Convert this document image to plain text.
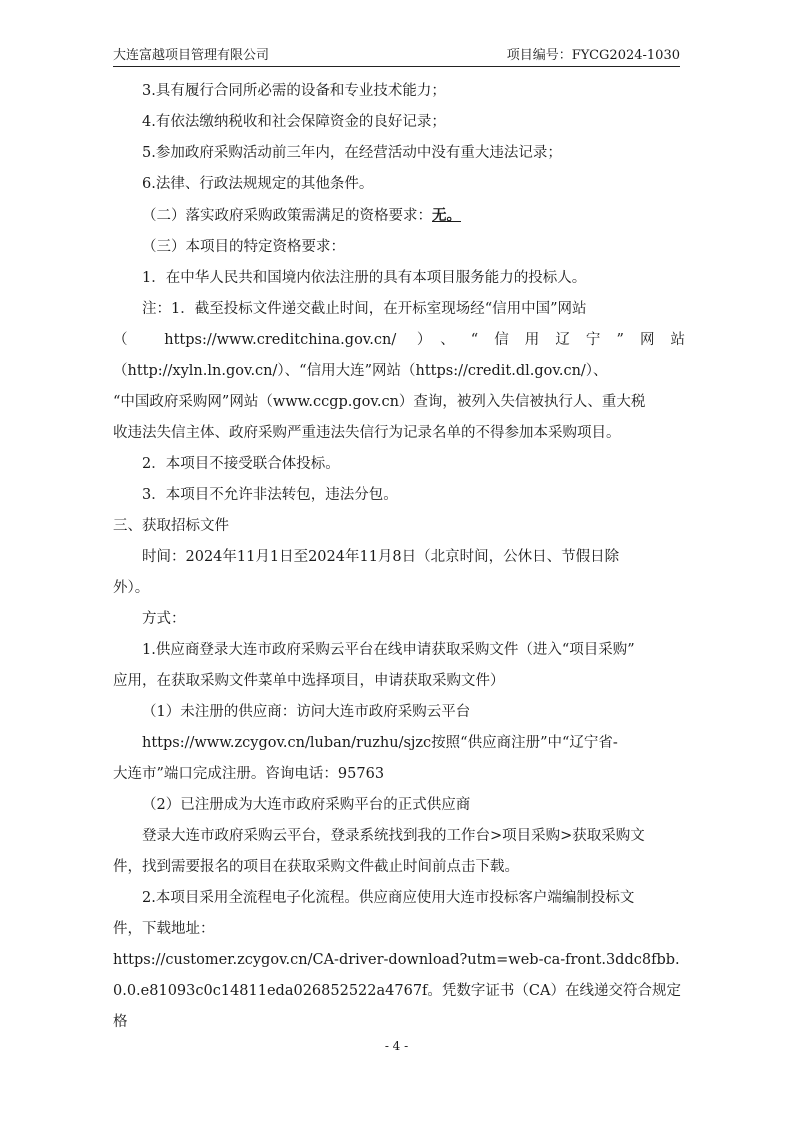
大连富越项目管理有限公司	项目编号：FYCG2024-1030

3.具有履行合同所必需的设备和专业技术能力；

4.有依法缴纳税收和社会保障资金的良好记录；

5.参加政府采购活动前三年内，在经营活动中没有重大违法记录；

6.法律、行政法规规定的其他条件。

（二）落实政府采购政策需满足的资格要求：无。

（三）本项目的特定资格要求：

1．在中华人民共和国境内依法注册的具有本项目服务能力的投标人。

注：1．截至投标文件递交截止时间，在开标室现场经“信用中国”网站

（ https://www.creditchina.gov.cn/ ）、“信用辽宁”网站

（http://xyln.ln.gov.cn/）、“信用大连”网站（https://credit.dl.gov.cn/）、

“中国政府采购网”网站（www.ccgp.gov.cn）查询，被列入失信被执行人、重大税

收违法失信主体、政府采购严重违法失信行为记录名单的不得参加本采购项目。

2．本项目不接受联合体投标。

3．本项目不允许非法转包，违法分包。

三、获取招标文件

时间：2024年11月1日至2024年11月8日（北京时间，公休日、节假日除

外）。

方式：

1.供应商登录大连市政府采购云平台在线申请获取采购文件（进入“项目采购”

应用，在获取采购文件菜单中选择项目，申请获取采购文件）

（1）未注册的供应商：访问大连市政府采购云平台

https://www.zcygov.cn/luban/ruzhu/sjzc按照“供应商注册”中“辽宁省-

大连市”端口完成注册。咨询电话：95763

（2）已注册成为大连市政府采购平台的正式供应商

登录大连市政府采购云平台，登录系统找到我的工作台>项目采购>获取采购文

件，找到需要报名的项目在获取采购文件截止时间前点击下载。

2.本项目采用全流程电子化流程。供应商应使用大连市投标客户端编制投标文

件，下载地址：

https://customer.zcygov.cn/CA-driver-download?utm=web-ca-front.3ddc8fbb.

0.0.e81093c0c14811eda026852522a4767f。凭数字证书（CA）在线递交符合规定格

- 4 -
